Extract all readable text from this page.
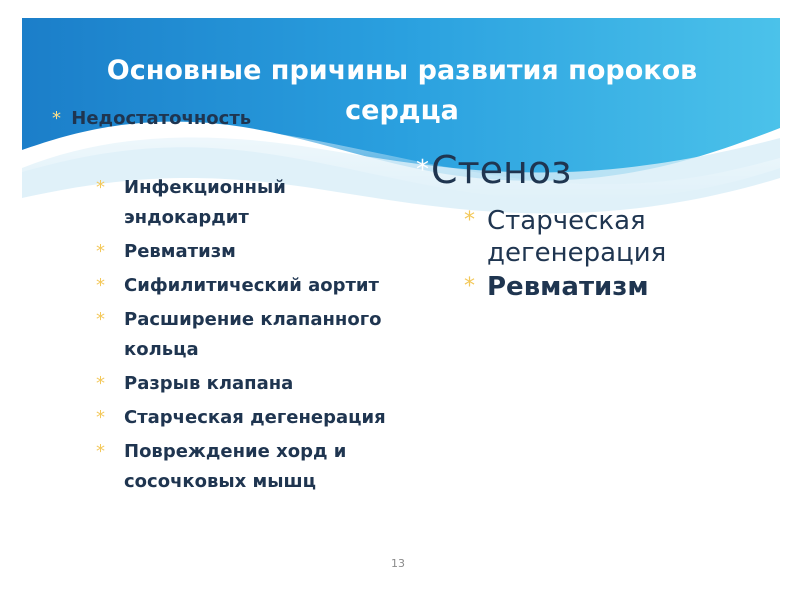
Основные причины развития пороков сердца
* Недостаточность
* Инфекционный эндокардит
* Ревматизм
* Сифилитический аортит
* Расширение клапанного кольца
* Разрыв клапана
* Старческая дегенерация
* Повреждение хорд и сосочковых мышц
*Стеноз
* Старческая дегенерация
* Ревматизм
13
